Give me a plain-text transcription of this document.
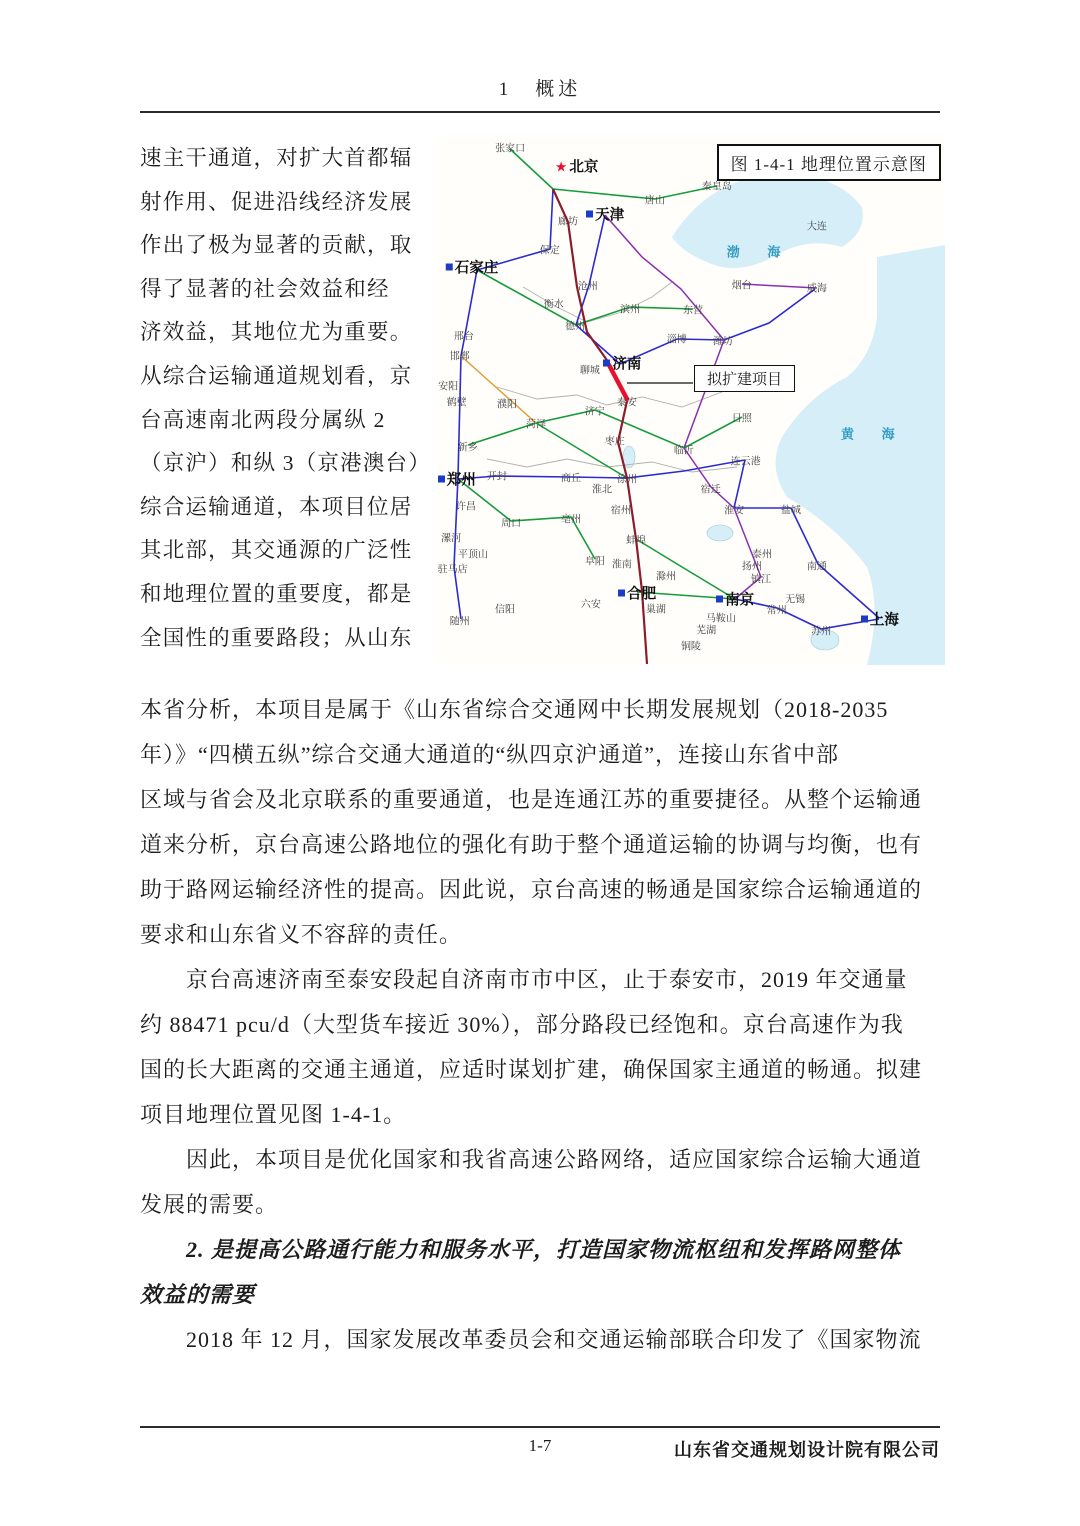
1　概述
速主干通道，对扩大首都辐
射作用、促进沿线经济发展
作出了极为显著的贡献，取
得了显著的社会效益和经
济效益，其地位尤为重要。
从综合运输通道规划看，京
台高速南北两段分属纵 2
（京沪）和纵 3（京港澳台）
综合运输通道，本项目位居
其北部，其交通源的广泛性
和地理位置的重要度，都是
全国性的重要路段；从山东
渤 海
黄 海
张家口
★
北京
秦皇岛
唐山
廊坊	大连
天津
保定
石家庄
沧州	烟台	威海
衡水	滨州	东营
德州
淄博	潍坊
邢台
邯郸	济南
聊城
安阳
鹤壁	濮阳	泰安
济宁
日照
菏泽
枣庄
新乡	临沂
连云港
开封	商丘	徐州
郑州
淮北	宿迁
许昌	宿州	淮安	盐城
亳州
周口
漯河	蚌埠
平顶山	泰州
阜阳 淮南	扬州	南通
驻马店
滁州	镇江
合肥	无锡
南京
六安	巢湖
信阳	常州
马鞍山
随州	上海
芜湖	苏州
铜陵
图 1-4-1 地理位置示意图
拟扩建项目
本省分析，本项目是属于《山东省综合交通网中长期发展规划（2018-2035
年）》“四横五纵”综合交通大通道的“纵四京沪通道”，连接山东省中部
区域与省会及北京联系的重要通道，也是连通江苏的重要捷径。从整个运输通
道来分析，京台高速公路地位的强化有助于整个通道运输的协调与均衡，也有
助于路网运输经济性的提高。因此说，京台高速的畅通是国家综合运输通道的
要求和山东省义不容辞的责任。
　　京台高速济南至泰安段起自济南市市中区，止于泰安市，2019 年交通量
约 88471 pcu/d（大型货车接近 30%），部分路段已经饱和。京台高速作为我
国的长大距离的交通主通道，应适时谋划扩建，确保国家主通道的畅通。拟建
项目地理位置见图 1-4-1。
　　因此，本项目是优化国家和我省高速公路网络，适应国家综合运输大通道
发展的需要。
　　2. 是提高公路通行能力和服务水平，打造国家物流枢纽和发挥路网整体
效益的需要
　　2018 年 12 月，国家发展改革委员会和交通运输部联合印发了《国家物流
1-7	山东省交通规划设计院有限公司
